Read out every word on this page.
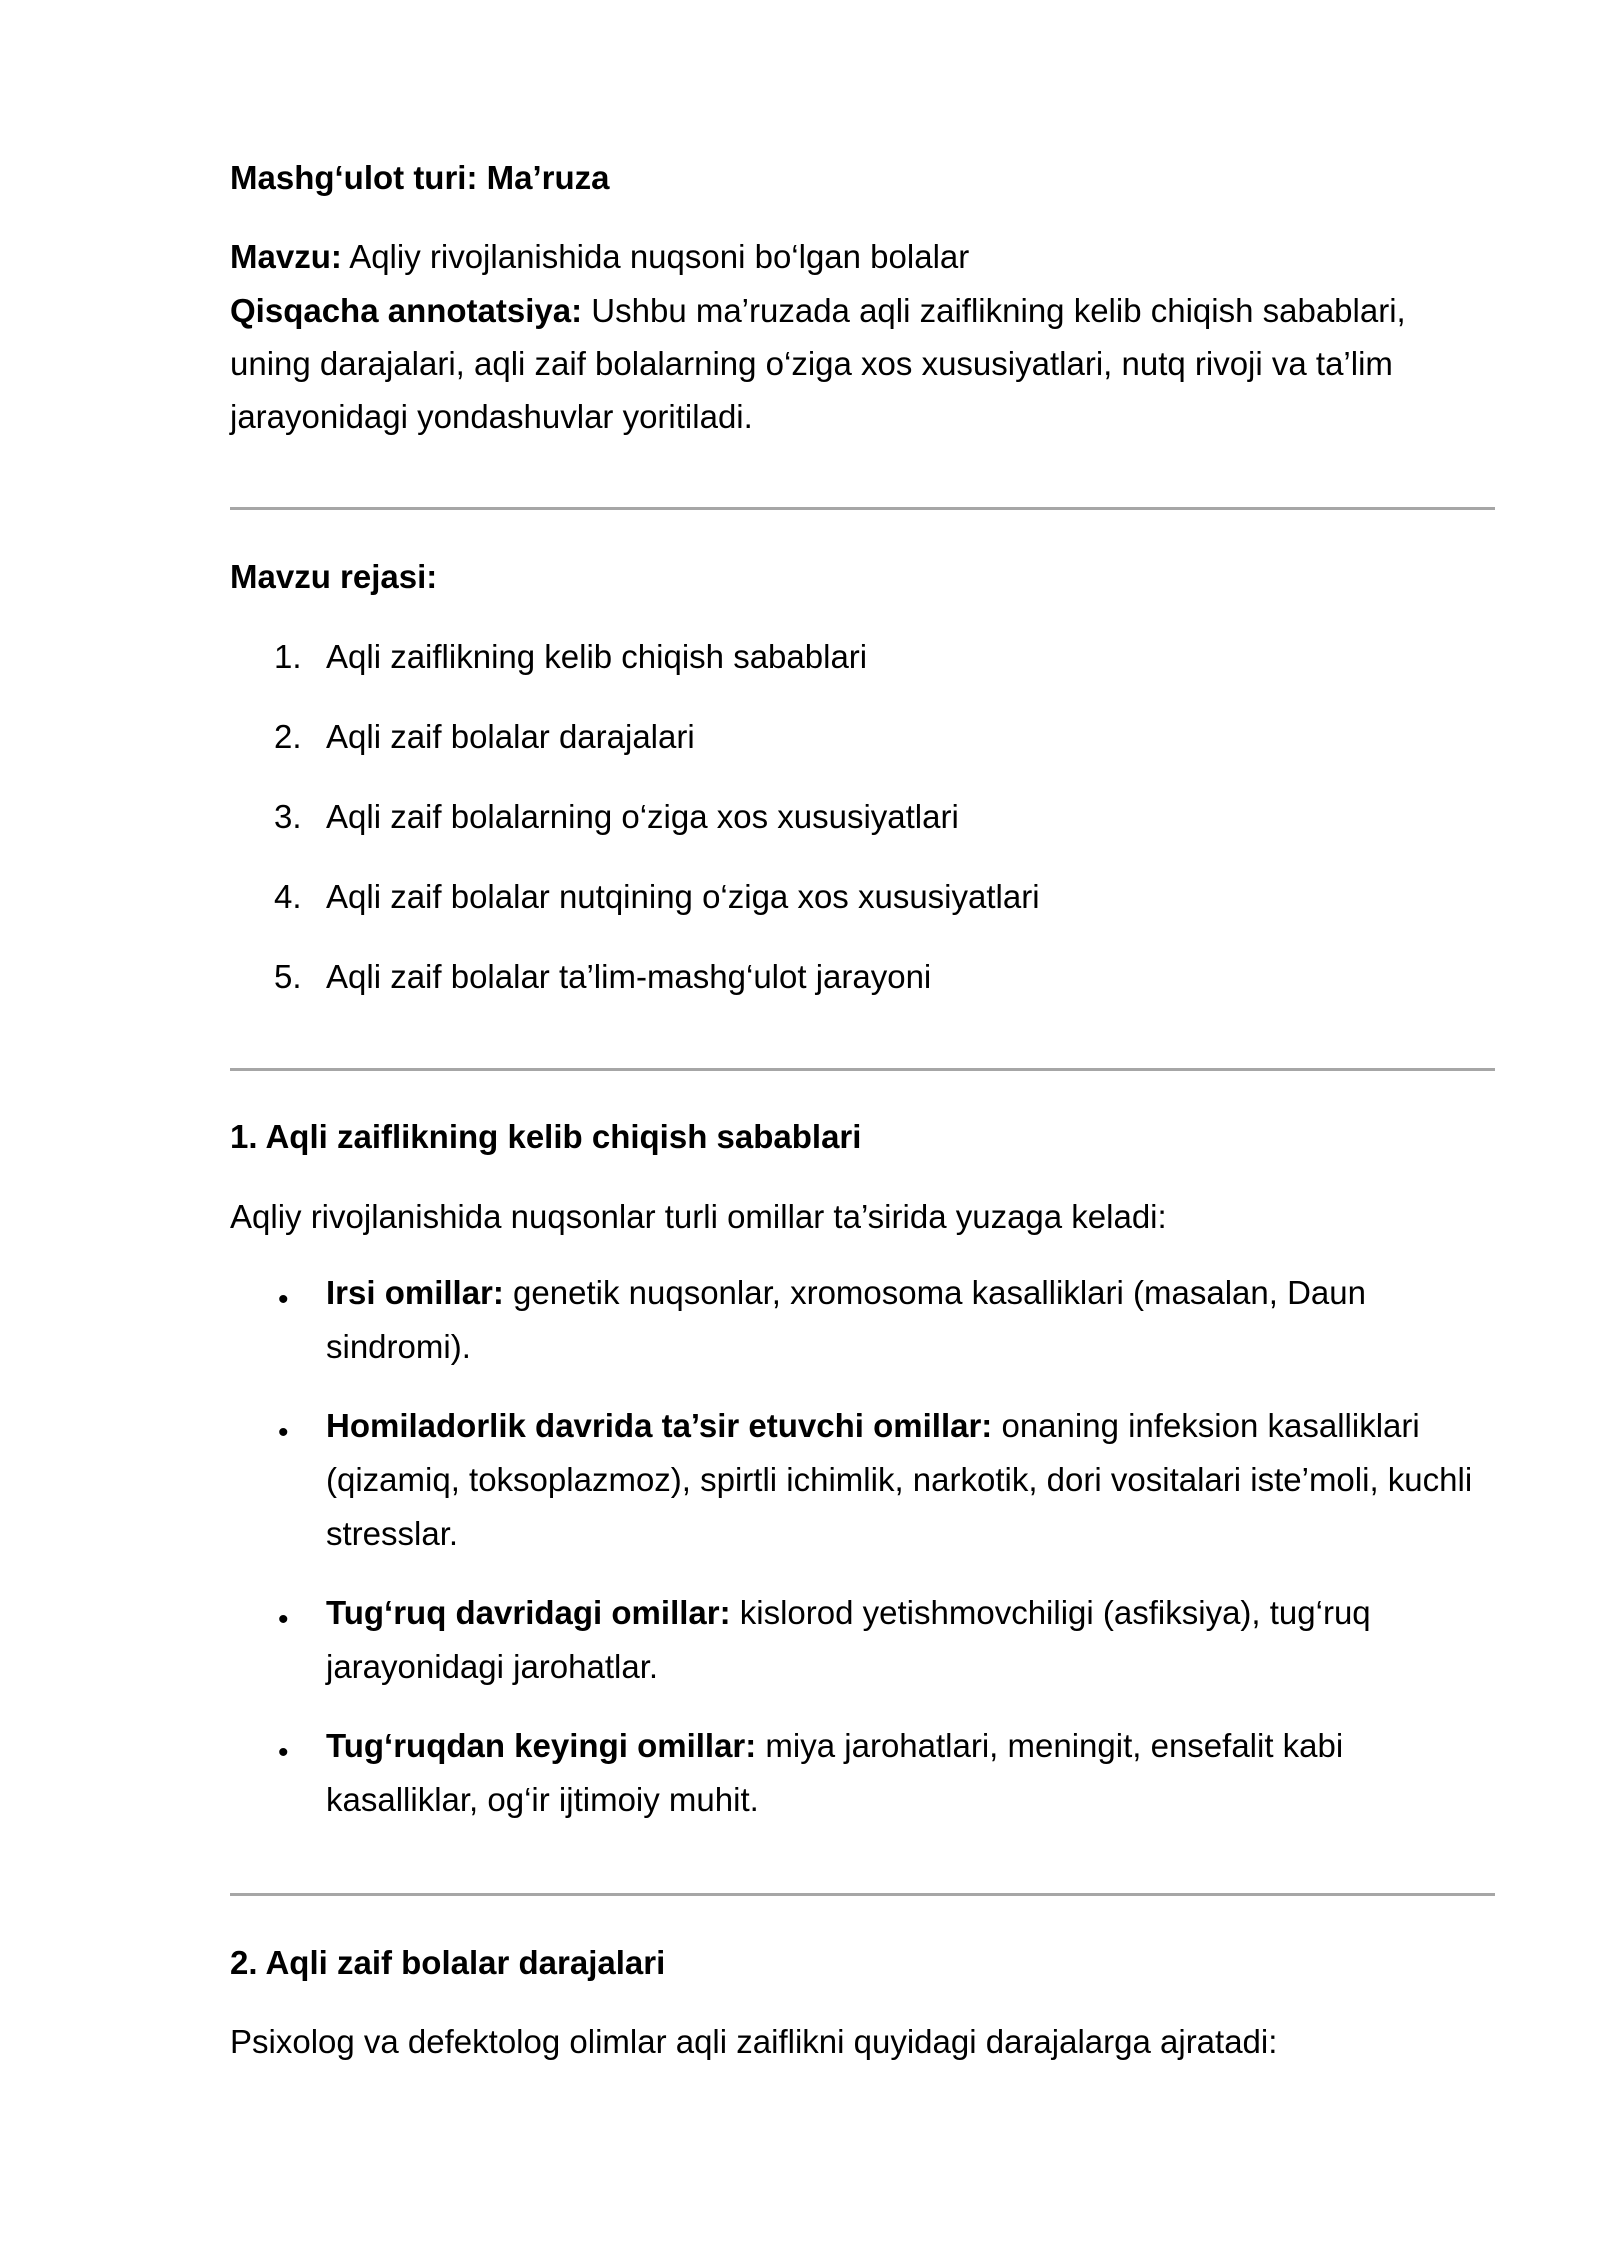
Mashg‘ulot turi: Ma’ruza
Mavzu: Aqliy rivojlanishida nuqsoni bo‘lgan bolalar
Qisqacha annotatsiya: Ushbu ma’ruzada aqli zaiflikning kelib chiqish sabablari,
uning darajalari, aqli zaif bolalarning o‘ziga xos xususiyatlari, nutq rivoji va ta’lim
jarayonidagi yondashuvlar yoritiladi.
Mavzu rejasi:
1. Aqli zaiflikning kelib chiqish sabablari
2. Aqli zaif bolalar darajalari
3. Aqli zaif bolalarning o‘ziga xos xususiyatlari
4. Aqli zaif bolalar nutqining o‘ziga xos xususiyatlari
5. Aqli zaif bolalar ta’lim-mashg‘ulot jarayoni
1. Aqli zaiflikning kelib chiqish sabablari
Aqliy rivojlanishida nuqsonlar turli omillar ta’sirida yuzaga keladi:
• Irsi omillar: genetik nuqsonlar, xromosoma kasalliklari (masalan, Daun sindromi).
• Homiladorlik davrida ta’sir etuvchi omillar: onaning infeksion kasalliklari (qizamiq, toksoplazmoz), spirtli ichimlik, narkotik, dori vositalari iste’moli, kuchli stresslar.
• Tug‘ruq davridagi omillar: kislorod yetishmovchiligi (asfiksiya), tug‘ruq jarayonidagi jarohatlar.
• Tug‘ruqdan keyingi omillar: miya jarohatlari, meningit, ensefalit kabi kasalliklar, og‘ir ijtimoiy muhit.
2. Aqli zaif bolalar darajalari
Psixolog va defektolog olimlar aqli zaiflikni quyidagi darajalarga ajratadi:
